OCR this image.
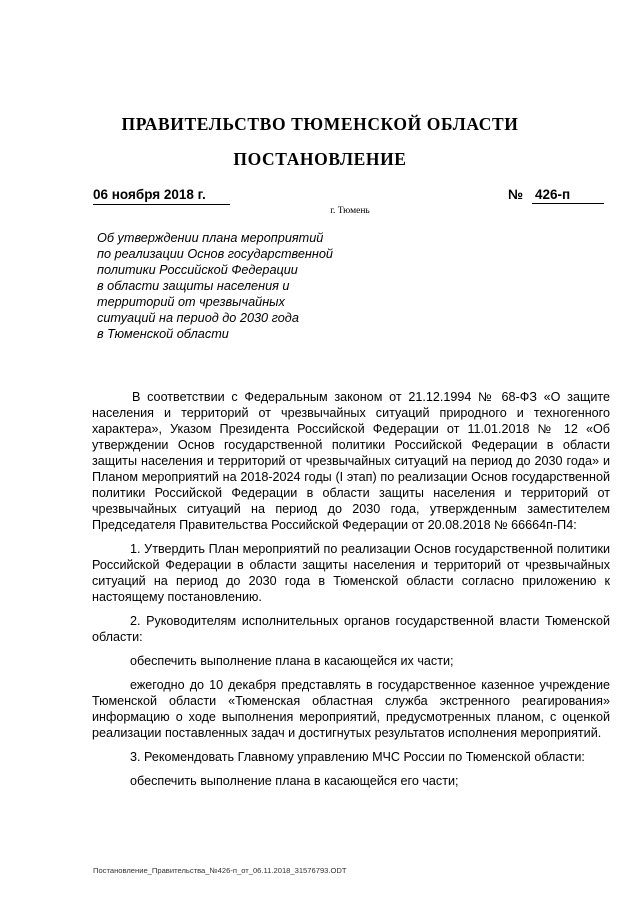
ПРАВИТЕЛЬСТВО ТЮМЕНСКОЙ ОБЛАСТИ
ПОСТАНОВЛЕНИЕ
06 ноября 2018 г.	№ 426-п
г. Тюмень
Об утверждении плана мероприятий
по реализации Основ государственной
политики Российской Федерации
в области защиты населения и
территорий от чрезвычайных
ситуаций на период до 2030 года
в Тюменской области

В соответствии с Федеральным законом от 21.12.1994 № 68-ФЗ «О защите населения и территорий от чрезвычайных ситуаций природного и техногенного характера», Указом Президента Российской Федерации от 11.01.2018 № 12 «Об утверждении Основ государственной политики Российской Федерации в области защиты населения и территорий от чрезвычайных ситуаций на период до 2030 года» и Планом мероприятий на 2018-2024 годы (I этап) по реализации Основ государственной политики Российской Федерации в области защиты населения и территорий от чрезвычайных ситуаций на период до 2030 года, утвержденным заместителем Председателя Правительства Российской Федерации от 20.08.2018 № 66664п-П4:

1. Утвердить План мероприятий по реализации Основ государственной политики Российской Федерации в области защиты населения и территорий от чрезвычайных ситуаций на период до 2030 года в Тюменской области согласно приложению к настоящему постановлению.

2. Руководителям исполнительных органов государственной власти Тюменской области:

обеспечить выполнение плана в касающейся их части;

ежегодно до 10 декабря представлять в государственное казенное учреждение Тюменской области «Тюменская областная служба экстренного реагирования» информацию о ходе выполнения мероприятий, предусмотренных планом, с оценкой реализации поставленных задач и достигнутых результатов исполнения мероприятий.

3. Рекомендовать Главному управлению МЧС России по Тюменской области:

обеспечить выполнение плана в касающейся его части;

Постановление_Правительства_№426-п_от_06.11.2018_31576793.ODT
